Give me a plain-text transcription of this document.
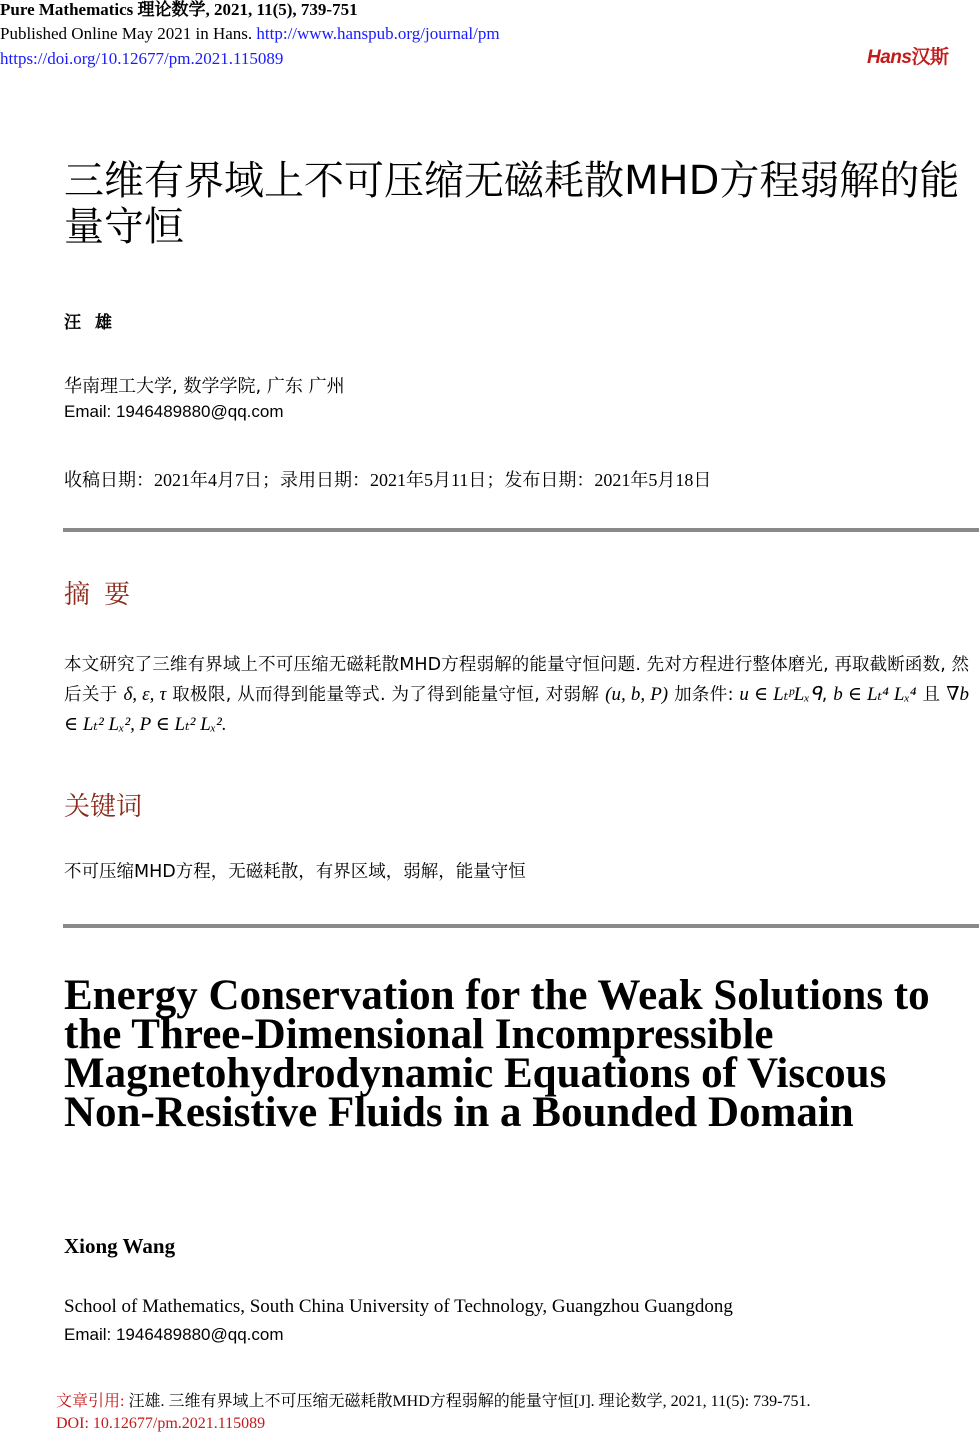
Pure Mathematics 理论数学, 2021, 11(5), 739-751
Published Online May 2021 in Hans. http://www.hanspub.org/journal/pm
https://doi.org/10.12677/pm.2021.115089	Hans汉斯
三维有界域上不可压缩无磁耗散MHD方程弱解的能量守恒
汪雄
华南理工大学, 数学学院, 广东 广州
Email: 1946489880@qq.com
收稿日期：2021年4月7日；录用日期：2021年5月11日；发布日期：2021年5月18日
摘要
本文研究了三维有界域上不可压缩无磁耗散MHD方程弱解的能量守恒问题. 先对方程进行整体磨光, 再取截断函数, 然后关于 δ, ε, τ 取极限, 从而得到能量等式. 为了得到能量守恒, 对弱解 (u, b, P) 加条件: u ∈ LₜᵖLₓᑫ, b ∈ Lₜ⁴ Lₓ⁴ 且 ∇b ∈ Lₜ² Lₓ², P ∈ Lₜ² Lₓ².
关键词
不可压缩MHD方程，无磁耗散，有界区域，弱解，能量守恒
Energy Conservation for the Weak Solutions to the Three-Dimensional Incompressible Magnetohydrodynamic Equations of Viscous Non-Resistive Fluids in a Bounded Domain
Xiong Wang
School of Mathematics, South China University of Technology, Guangzhou Guangdong
Email: 1946489880@qq.com
文章引用: 汪雄. 三维有界域上不可压缩无磁耗散MHD方程弱解的能量守恒[J]. 理论数学, 2021, 11(5): 739-751.
DOI: 10.12677/pm.2021.115089
